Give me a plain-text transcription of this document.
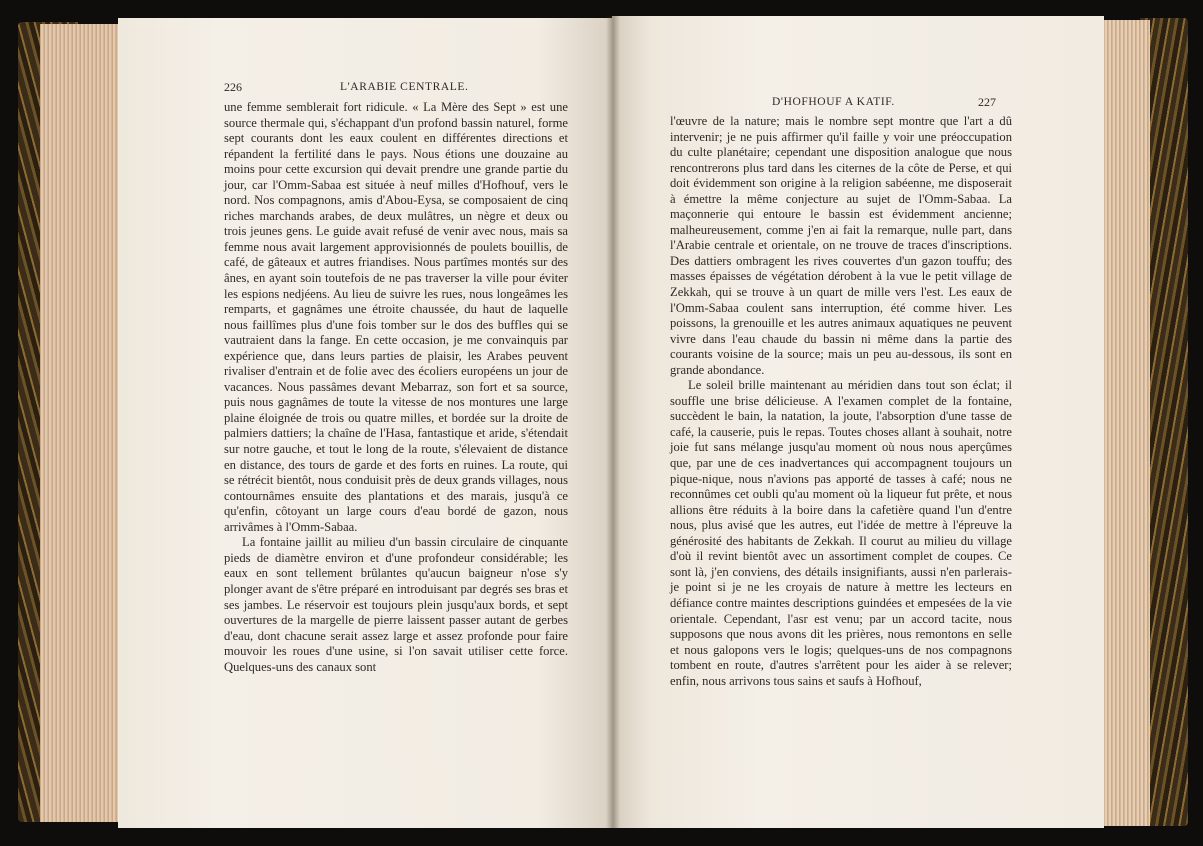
226	L'ARABIE CENTRALE.

une femme semblerait fort ridicule. « La Mère des Sept » est une source thermale qui, s'échappant d'un profond bassin naturel, forme sept courants dont les eaux coulent en différentes directions et répandent la fertilité dans le pays. Nous étions une douzaine au moins pour cette excursion qui devait prendre une grande partie du jour, car l'Omm-Sabaa est située à neuf milles d'Hofhouf, vers le nord. Nos compagnons, amis d'Abou-Eysa, se composaient de cinq riches marchands arabes, de deux mulâtres, un nègre et deux ou trois jeunes gens. Le guide avait refusé de venir avec nous, mais sa femme nous avait largement approvisionnés de poulets bouillis, de café, de gâteaux et autres friandises. Nous partîmes montés sur des ânes, en ayant soin toutefois de ne pas traverser la ville pour éviter les espions nedjéens. Au lieu de suivre les rues, nous longeâmes les remparts, et gagnâmes une étroite chaussée, du haut de laquelle nous faillîmes plus d'une fois tomber sur le dos des buffles qui se vautraient dans la fange. En cette occasion, je me convainquis par expérience que, dans leurs parties de plaisir, les Arabes peuvent rivaliser d'entrain et de folie avec des écoliers européens un jour de vacances. Nous passâmes devant Mebarraz, son fort et sa source, puis nous gagnâmes de toute la vitesse de nos montures une large plaine éloignée de trois ou quatre milles, et bordée sur la droite de palmiers dattiers; la chaîne de l'Hasa, fantastique et aride, s'étendait sur notre gauche, et tout le long de la route, s'élevaient de distance en distance, des tours de garde et des forts en ruines. La route, qui se rétrécit bientôt, nous conduisit près de deux grands villages, nous contournâmes ensuite des plantations et des marais, jusqu'à ce qu'enfin, côtoyant un large cours d'eau bordé de gazon, nous arrivâmes à l'Omm-Sabaa.

La fontaine jaillit au milieu d'un bassin circulaire de cinquante pieds de diamètre environ et d'une profondeur considérable; les eaux en sont tellement brûlantes qu'aucun baigneur n'ose s'y plonger avant de s'être préparé en introduisant par degrés ses bras et ses jambes. Le réservoir est toujours plein jusqu'aux bords, et sept ouvertures de la margelle de pierre laissent passer autant de gerbes d'eau, dont chacune serait assez large et assez profonde pour faire mouvoir les roues d'une usine, si l'on savait utiliser cette force. Quelques-uns des canaux sont

D'HOFHOUF A KATIF.	227

l'œuvre de la nature; mais le nombre sept montre que l'art a dû intervenir; je ne puis affirmer qu'il faille y voir une préoccupation du culte planétaire; cependant une disposition analogue que nous rencontrerons plus tard dans les citernes de la côte de Perse, et qui doit évidemment son origine à la religion sabéenne, me disposerait à émettre la même conjecture au sujet de l'Omm-Sabaa. La maçonnerie qui entoure le bassin est évidemment ancienne; malheureusement, comme j'en ai fait la remarque, nulle part, dans l'Arabie centrale et orientale, on ne trouve de traces d'inscriptions. Des dattiers ombragent les rives couvertes d'un gazon touffu; des masses épaisses de végétation dérobent à la vue le petit village de Zekkah, qui se trouve à un quart de mille vers l'est. Les eaux de l'Omm-Sabaa coulent sans interruption, été comme hiver. Les poissons, la grenouille et les autres animaux aquatiques ne peuvent vivre dans l'eau chaude du bassin ni même dans la partie des courants voisine de la source; mais un peu au-dessous, ils sont en grande abondance.

Le soleil brille maintenant au méridien dans tout son éclat; il souffle une brise délicieuse. A l'examen complet de la fontaine, succèdent le bain, la natation, la joute, l'absorption d'une tasse de café, la causerie, puis le repas. Toutes choses allant à souhait, notre joie fut sans mélange jusqu'au moment où nous nous aperçûmes que, par une de ces inadvertances qui accompagnent toujours un pique-nique, nous n'avions pas apporté de tasses à café; nous ne reconnûmes cet oubli qu'au moment où la liqueur fut prête, et nous allions être réduits à la boire dans la cafetière quand l'un d'entre nous, plus avisé que les autres, eut l'idée de mettre à l'épreuve la générosité des habitants de Zekkah. Il courut au milieu du village d'où il revint bientôt avec un assortiment complet de coupes. Ce sont là, j'en conviens, des détails insignifiants, aussi n'en parlerais-je point si je ne les croyais de nature à mettre les lecteurs en défiance contre maintes descriptions guindées et empesées de la vie orientale. Cependant, l'asr est venu; par un accord tacite, nous supposons que nous avons dit les prières, nous remontons en selle et nous galopons vers le logis; quelques-uns de nos compagnons tombent en route, d'autres s'arrêtent pour les aider à se relever; enfin, nous arrivons tous sains et saufs à Hofhouf,
